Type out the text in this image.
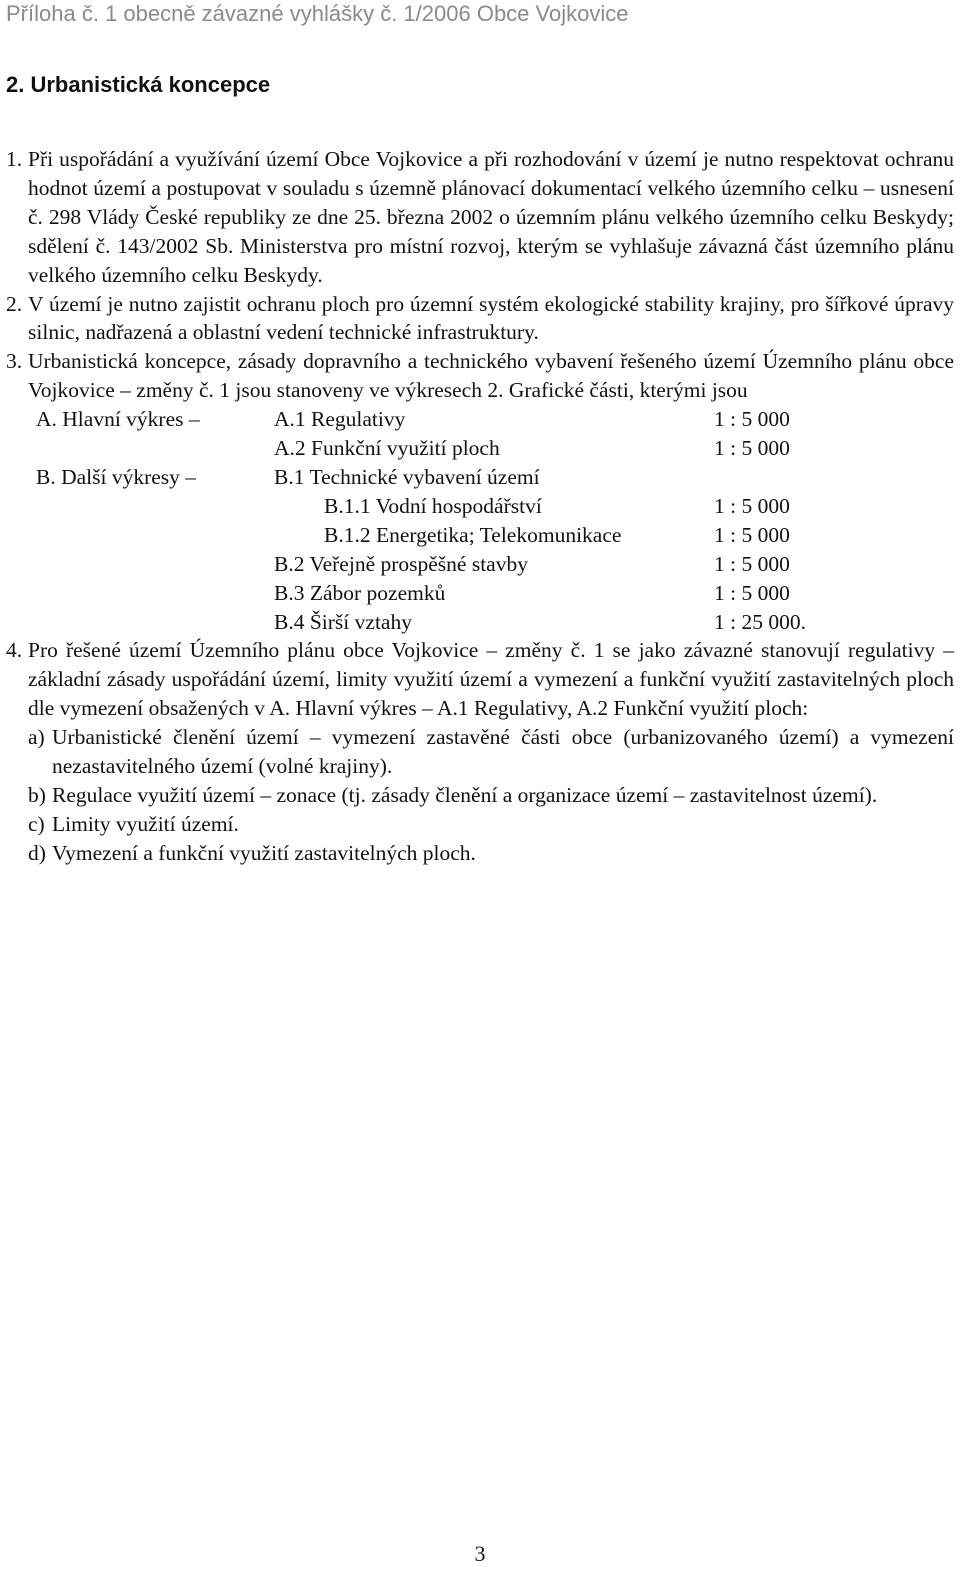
Příloha č. 1 obecně závazné vyhlášky č. 1/2006 Obce Vojkovice
2. Urbanistická koncepce
1. Při uspořádání a využívání území Obce Vojkovice a při rozhodování v území je nutno respektovat ochranu hodnot území a postupovat v souladu s územně plánovací dokumentací velkého územního celku – usnesení č. 298 Vlády České republiky ze dne 25. března 2002 o územním plánu velkého územního celku Beskydy; sdělení č. 143/2002 Sb. Ministerstva pro místní rozvoj, kterým se vyhlašuje závazná část územního plánu velkého územního celku Beskydy.
2. V území je nutno zajistit ochranu ploch pro územní systém ekologické stability krajiny, pro šířkové úpravy silnic, nadřazená a oblastní vedení technické infrastruktury.
3. Urbanistická koncepce, zásady dopravního a technického vybavení řešeného území Územního plánu obce Vojkovice – změny č. 1 jsou stanoveny ve výkresech 2. Grafické části, kterými jsou
A. Hlavní výkres –	A.1 Regulativy	1 : 5 000
	A.2 Funkční využití ploch	1 : 5 000
B. Další výkresy –	B.1 Technické vybavení území	

	B.1.1 Vodní hospodářství	1 : 5 000

	B.1.2 Energetika; Telekomunikace	1 : 5 000
	B.2 Veřejně prospěšné stavby	1 : 5 000
	B.3 Zábor pozemků	1 : 5 000
	B.4 Širší vztahy	1 : 25 000.
4. Pro řešené území Územního plánu obce Vojkovice – změny č. 1 se jako závazné stanovují regulativy – základní zásady uspořádání území, limity využití území a vymezení a funkční využití zastavitelných ploch dle vymezení obsažených v A. Hlavní výkres – A.1 Regulativy, A.2 Funkční využití ploch:
a) Urbanistické členění území – vymezení zastavěné části obce (urbanizovaného území) a vymezení nezastavitelného území (volné krajiny).
b) Regulace využití území – zonace (tj. zásady členění a organizace území – zastavitelnost území).
c) Limity využití území.
d) Vymezení a funkční využití zastavitelných ploch.
3
